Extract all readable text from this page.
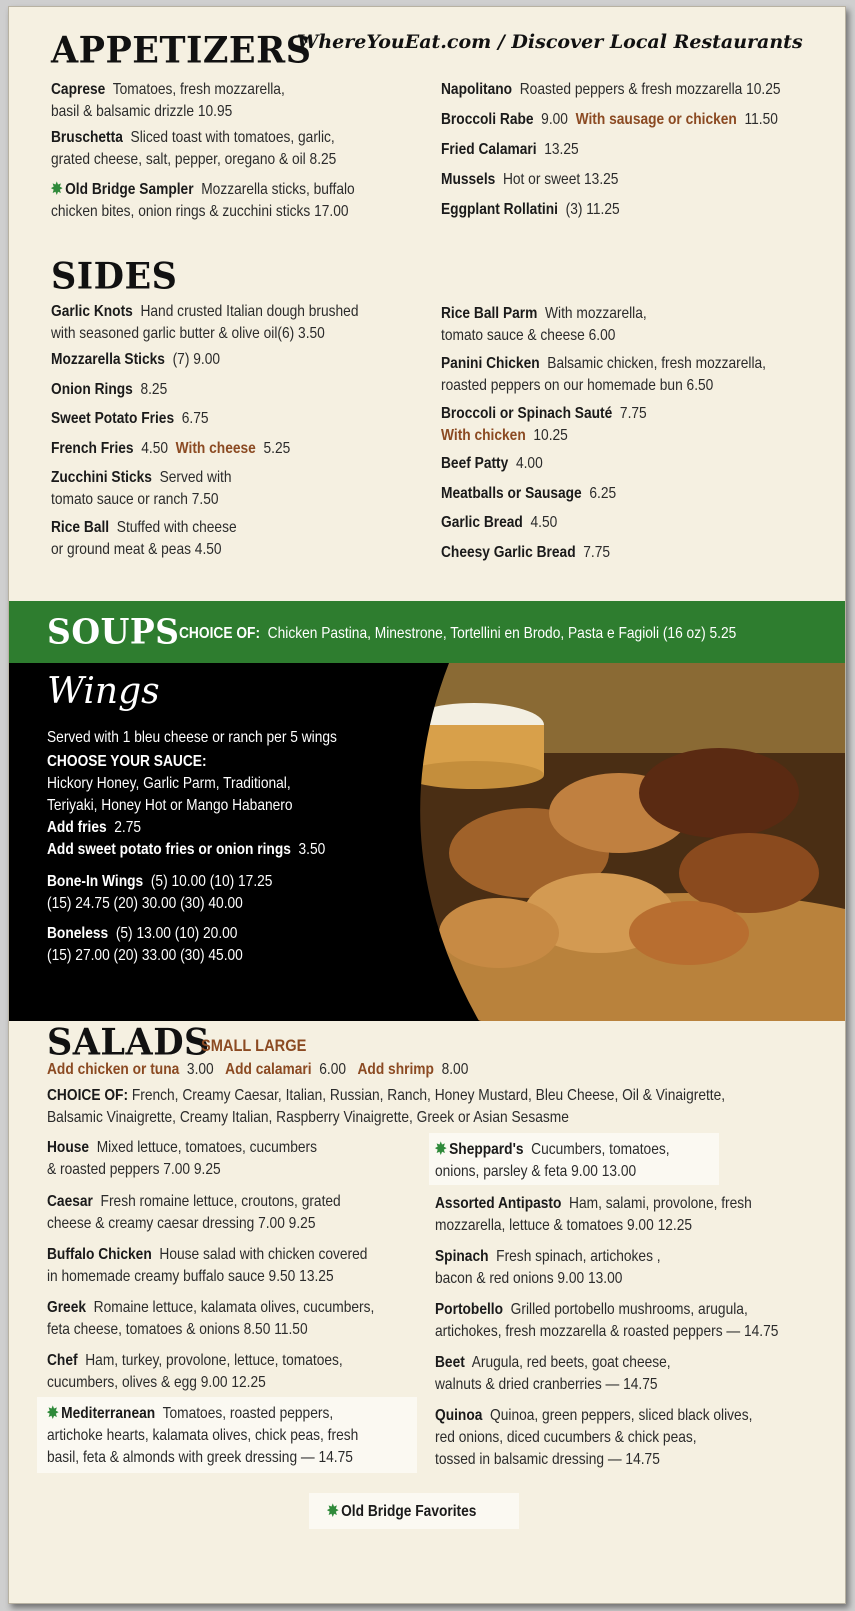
APPETIZERS
WhereYouEat.com / Discover Local Restaurants
Caprese Tomatoes, fresh mozzarella,
basil & balsamic drizzle 10.95
Bruschetta Sliced toast with tomatoes, garlic,
grated cheese, salt, pepper, oregano & oil 8.25
✸ Old Bridge Sampler Mozzarella sticks, buffalo
chicken bites, onion rings & zucchini sticks 17.00
Napolitano Roasted peppers & fresh mozzarella 10.25
Broccoli Rabe 9.00 With sausage or chicken 11.50
Fried Calamari 13.25
Mussels Hot or sweet 13.25
Eggplant Rollatini (3) 11.25
SIDES
Garlic Knots Hand crusted Italian dough brushed
with seasoned garlic butter & olive oil(6) 3.50
Mozzarella Sticks (7) 9.00
Onion Rings 8.25
Sweet Potato Fries 6.75
French Fries 4.50 With cheese 5.25
Zucchini Sticks Served with
tomato sauce or ranch 7.50
Rice Ball Stuffed with cheese
or ground meat & peas 4.50
Rice Ball Parm With mozzarella,
tomato sauce & cheese 6.00
Panini Chicken Balsamic chicken, fresh mozzarella,
roasted peppers on our homemade bun 6.50
Broccoli or Spinach Sauté 7.75
With chicken 10.25
Beef Patty 4.00
Meatballs or Sausage 6.25
Garlic Bread 4.50
Cheesy Garlic Bread 7.75
SOUPS CHOICE OF: Chicken Pastina, Minestrone, Tortellini en Brodo, Pasta e Fagioli (16 oz) 5.25
Wings
Served with 1 bleu cheese or ranch per 5 wings
CHOOSE YOUR SAUCE:
Hickory Honey, Garlic Parm, Traditional,
Teriyaki, Honey Hot or Mango Habanero
Add fries 2.75
Add sweet potato fries or onion rings 3.50
Bone-In Wings (5) 10.00 (10) 17.25
(15) 24.75 (20) 30.00 (30) 40.00
Boneless (5) 13.00 (10) 20.00
(15) 27.00 (20) 33.00 (30) 45.00
SALADS
SMALL LARGE
Add chicken or tuna 3.00 Add calamari 6.00 Add shrimp 8.00
CHOICE OF: French, Creamy Caesar, Italian, Russian, Ranch, Honey Mustard, Bleu Cheese, Oil & Vinaigrette,
Balsamic Vinaigrette, Creamy Italian, Raspberry Vinaigrette, Greek or Asian Sesasme
House Mixed lettuce, tomatoes, cucumbers
& roasted peppers 7.00 9.25
Caesar Fresh romaine lettuce, croutons, grated
cheese & creamy caesar dressing 7.00 9.25
Buffalo Chicken House salad with chicken covered
in homemade creamy buffalo sauce 9.50 13.25
Greek Romaine lettuce, kalamata olives, cucumbers,
feta cheese, tomatoes & onions 8.50 11.50
Chef Ham, turkey, provolone, lettuce, tomatoes,
cucumbers, olives & egg 9.00 12.25
✸ Mediterranean Tomatoes, roasted peppers,
artichoke hearts, kalamata olives, chick peas, fresh
basil, feta & almonds with greek dressing — 14.75
✸ Sheppard's Cucumbers, tomatoes,
onions, parsley & feta 9.00 13.00
Assorted Antipasto Ham, salami, provolone, fresh
mozzarella, lettuce & tomatoes 9.00 12.25
Spinach Fresh spinach, artichokes ,
bacon & red onions 9.00 13.00
Portobello Grilled portobello mushrooms, arugula,
artichokes, fresh mozzarella & roasted peppers — 14.75
Beet Arugula, red beets, goat cheese,
walnuts & dried cranberries — 14.75
Quinoa Quinoa, green peppers, sliced black olives,
red onions, diced cucumbers & chick peas,
tossed in balsamic dressing — 14.75
✸ Old Bridge Favorites
